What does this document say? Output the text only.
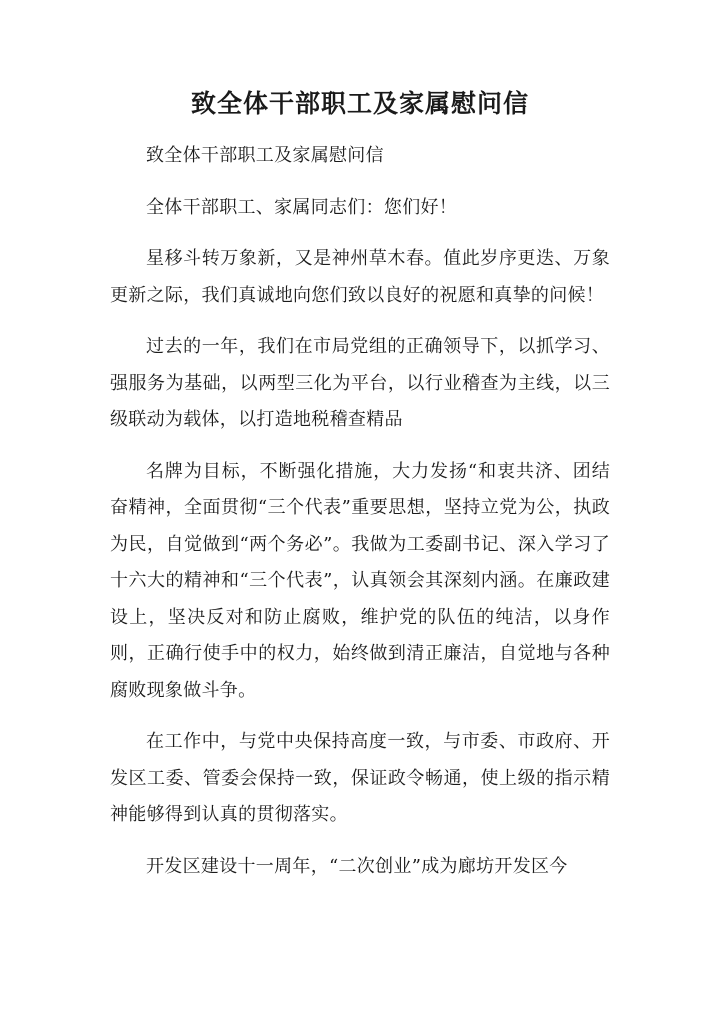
致全体干部职工及家属慰问信

致全体干部职工及家属慰问信

全体干部职工、家属同志们：您们好！

星移斗转万象新，又是神州草木春。值此岁序更迭、万象更新之际，我们真诚地向您们致以良好的祝愿和真挚的问候！

过去的一年，我们在市局党组的正确领导下，以抓学习、强服务为基础，以两型三化为平台，以行业稽查为主线，以三级联动为载体，以打造地税稽查精品

名牌为目标，不断强化措施，大力发扬“和衷共济、团结奋精神，全面贯彻“三个代表”重要思想，坚持立党为公，执政为民，自觉做到“两个务必”。我做为工委副书记、深入学习了十六大的精神和“三个代表”，认真领会其深刻内涵。在廉政建设上，坚决反对和防止腐败，维护党的队伍的纯洁，以身作则，正确行使手中的权力，始终做到清正廉洁，自觉地与各种腐败现象做斗争。

在工作中，与党中央保持高度一致，与市委、市政府、开发区工委、管委会保持一致，保证政令畅通，使上级的指示精神能够得到认真的贯彻落实。

开发区建设十一周年，“二次创业”成为廊坊开发区今
